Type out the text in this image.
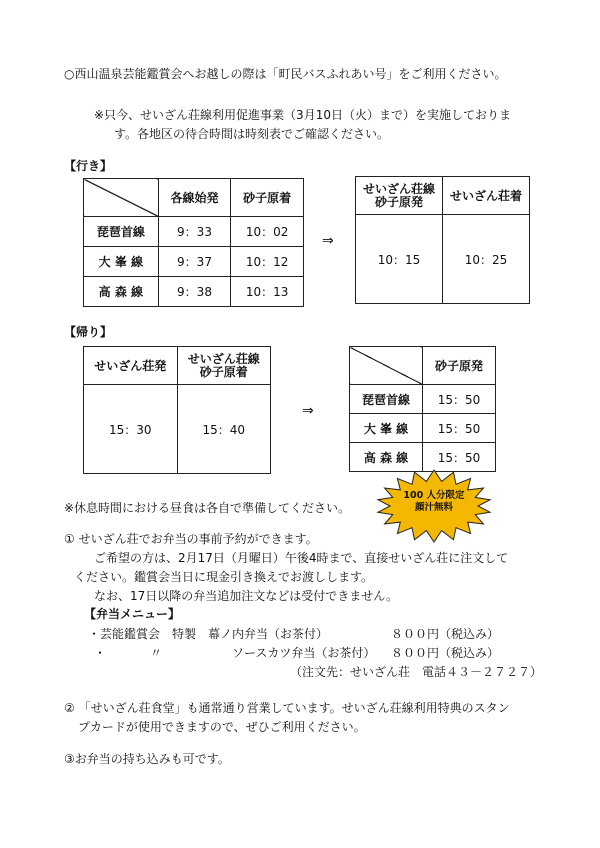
○西山温泉芸能鑑賞会へお越しの際は「町民バスふれあい号」をご利用ください。
※只今、せいざん荘線利用促進事業（3月10日（火）まで）を実施しておりま
す。各地区の待合時間は時刻表でご確認ください。
【行き】
	各線始発	砂子原着
琵琶首線	9：33	10：02
大 峯 線	9：37	10：12
高 森 線	9：38	10：13
⇒
せいざん荘線
砂子原発	せいざん荘着
10：15	10：25
【帰り】
せいざん荘発	せいざん荘線
砂子原着

15：30	15：40
⇒
	砂子原発
琵琶首線	15：50
大 峯 線	15：50
高 森 線	15：50
※休息時間における昼食は各自で準備してください。
100 人分限定
顔汁無料
① せいざん荘でお弁当の事前予約ができます。
ご希望の方は、2月17日（月曜日）午後4時まで、直接せいざん荘に注文して
ください。鑑賞会当日に現金引き換えでお渡しします。
なお、17日以降の弁当追加注文などは受付できません。
【弁当メニュー】
・芸能鑑賞会　特製　幕ノ内弁当（お茶付）	８００円（税込み）
・	〃	ソースカツ弁当（お茶付） ８００円（税込み）
（注文先：せいざん荘　電話４３－２７２７）
② 「せいざん荘食堂」も通常通り営業しています。せいざん荘線利用特典のスタン
プカードが使用できますので、ぜひご利用ください。
③お弁当の持ち込みも可です。
